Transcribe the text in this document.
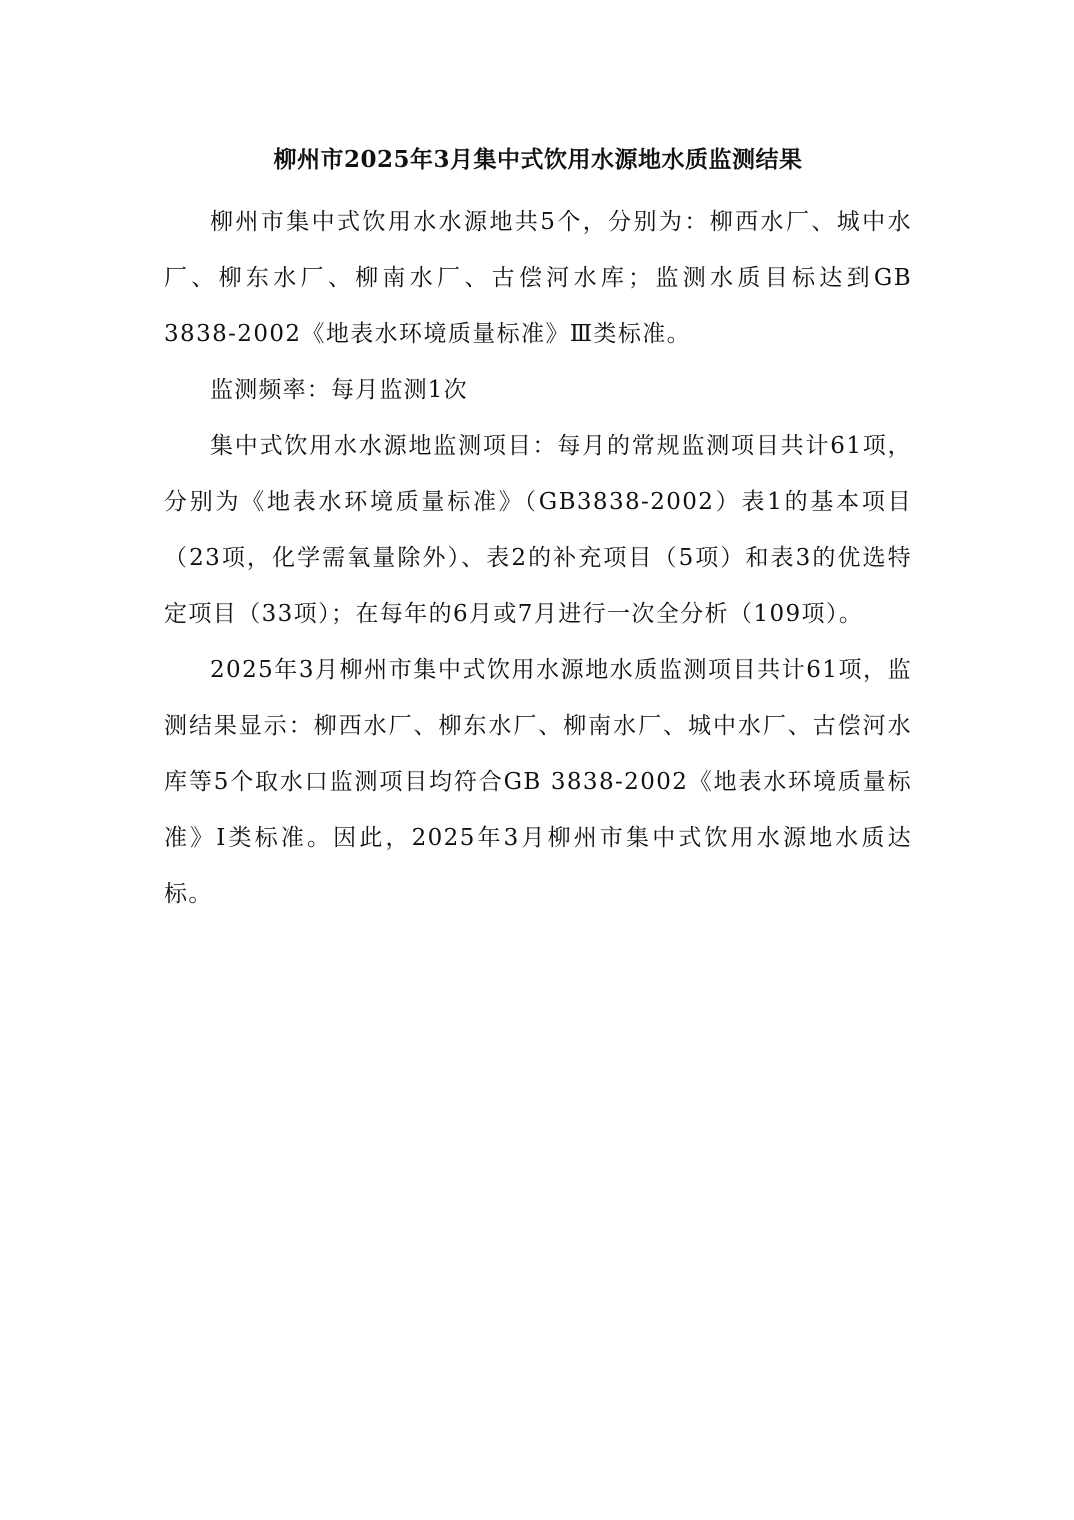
柳州市2025年3月集中式饮用水源地水质监测结果

柳州市集中式饮用水水源地共5个，分别为：柳西水厂、城中水厂、柳东水厂、柳南水厂、古偿河水库；监测水质目标达到GB 3838-2002《地表水环境质量标准》Ⅲ类标准。

监测频率：每月监测1次

集中式饮用水水源地监测项目：每月的常规监测项目共计61项，分别为《地表水环境质量标准》（GB3838-2002）表1的基本项目（23项，化学需氧量除外）、表2的补充项目（5项）和表3的优选特定项目（33项）；在每年的6月或7月进行一次全分析（109项）。

2025年3月柳州市集中式饮用水源地水质监测项目共计61项，监测结果显示：柳西水厂、柳东水厂、柳南水厂、城中水厂、古偿河水库等5个取水口监测项目均符合GB 3838-2002《地表水环境质量标准》Ⅰ类标准。因此，2025年3月柳州市集中式饮用水源地水质达标。
